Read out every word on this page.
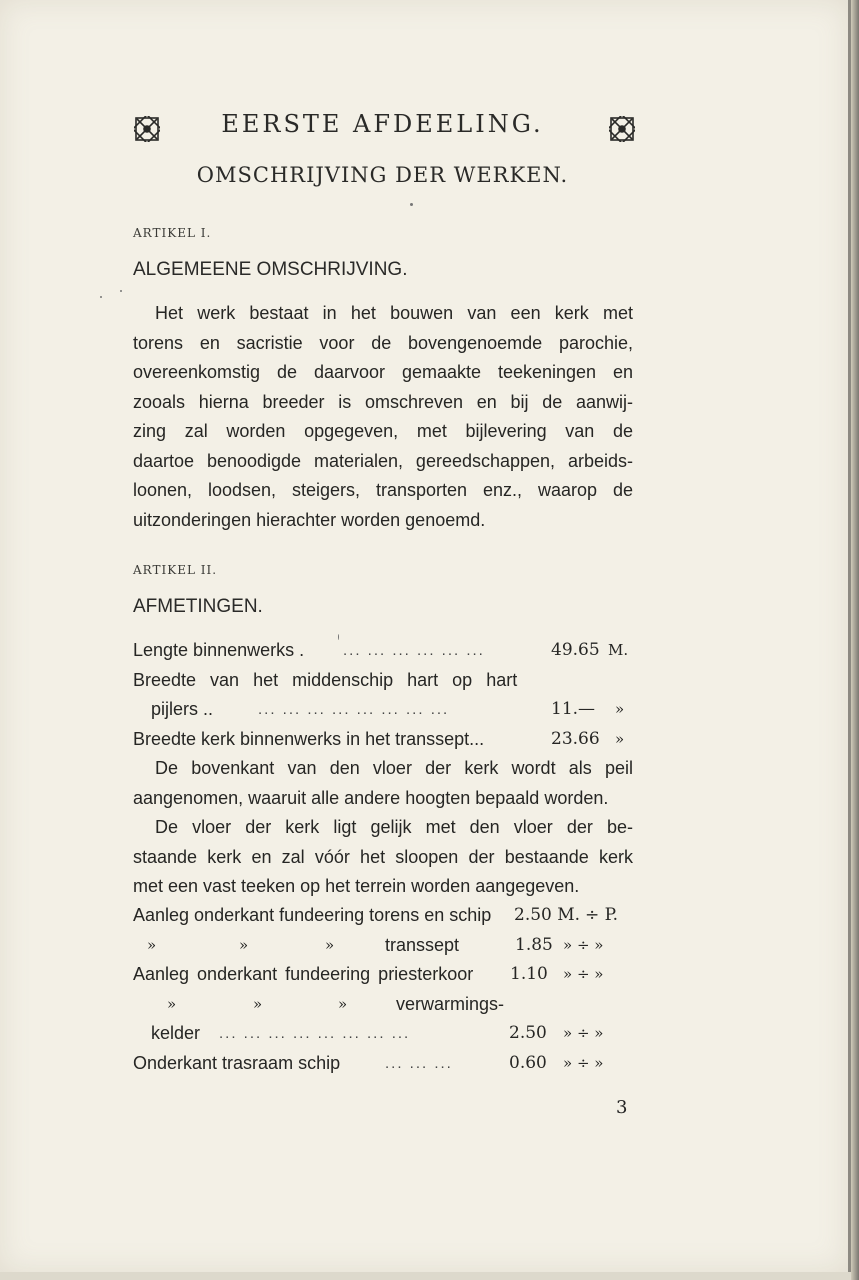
EERSTE AFDEELING.
OMSCHRIJVING DER WERKEN.
ARTIKEL I.
ALGEMEENE OMSCHRIJVING.
Het werk bestaat in het bouwen van een kerk met
torens en sacristie voor de bovengenoemde parochie,
overeenkomstig de daarvoor gemaakte teekeningen en
zooals hierna breeder is omschreven en bij de aanwij-
zing zal worden opgegeven, met bijlevering van de
daartoe benoodigde materialen, gereedschappen, arbeids-
loonen, loodsen, steigers, transporten enz., waarop de
uitzonderingen hierachter worden genoemd.
ARTIKEL II.
AFMETINGEN.
Lengte binnenwerks .	... ... ... ... ... ...	49.65 M.
Breedte van het middenschip hart op hart
pijlers ..	... ... ... ... ... ... ... ...	11.— »
Breedte kerk binnenwerks in het transsept...	23.66 »
De bovenkant van den vloer der kerk wordt als peil
aangenomen, waaruit alle andere hoogten bepaald worden.
De vloer der kerk ligt gelijk met den vloer der be-
staande kerk en zal vóór het sloopen der bestaande kerk
met een vast teeken op het terrein worden aangegeven.
Aanleg onderkant fundeering torens en schip 2.50 M. ÷ P.
»	»	»	transsept	1.85 » ÷ »
Aanleg onderkant fundeering priesterkoor 1.10 » ÷ »
»	»	»	verwarmings-
kelder ... ... ... ... ... ... ... ...	2.50 » ÷ »
Onderkant trasraam schip	... ... ...	0.60 » ÷ »
3
